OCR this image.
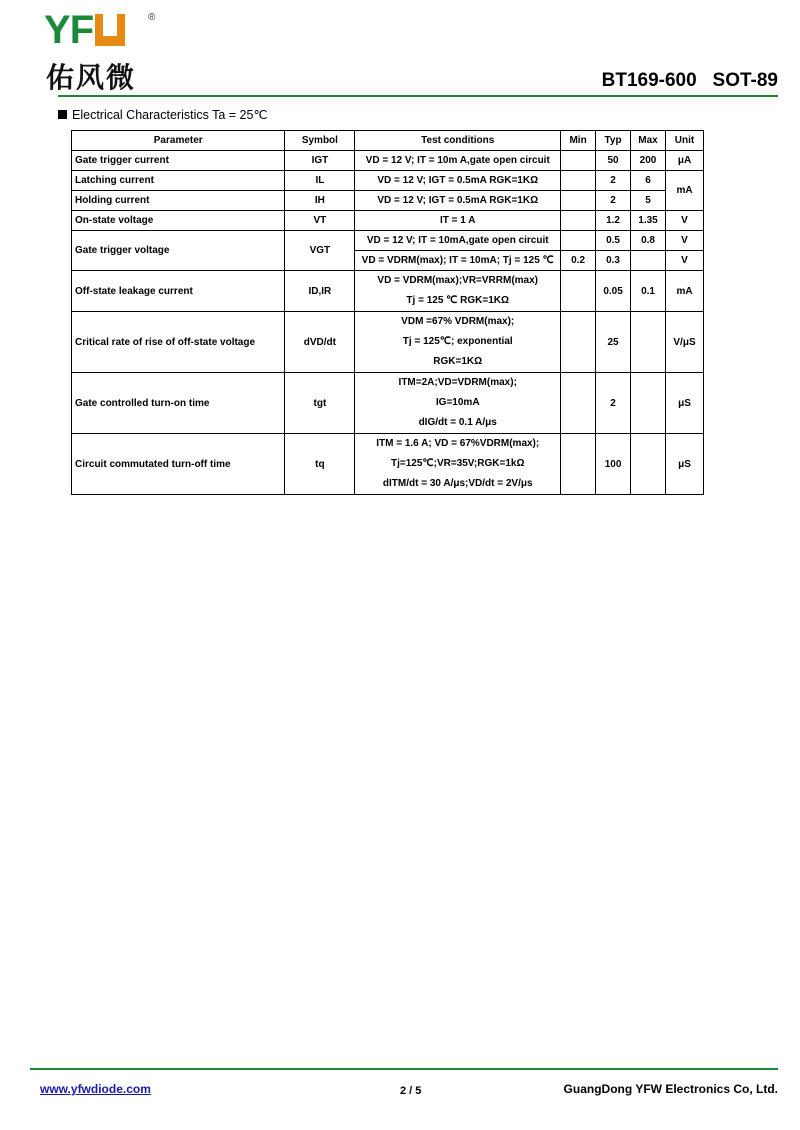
YF	®
佑风微	BT169-600   SOT-89
Electrical Characteristics Ta = 25℃
Parameter	Symbol	Test conditions	Min	Typ	Max	Unit
Gate trigger current	IGT	VD = 12 V; IT = 10m A,gate open circuit		50	200	μA
Latching current	IL	VD = 12 V; IGT = 0.5mA RGK=1KΩ		2	6	mA
Holding current	IH	VD = 12 V; IGT = 0.5mA RGK=1KΩ		2	5	
On-state voltage	VT	IT = 1 A		1.2	1.35	V
Gate trigger voltage	VGT	VD = 12 V; IT = 10mA,gate open circuit		0.5	0.8	V
		VD = VDRM(max); IT = 10mA; Tj = 125 ℃	0.2	0.3		V
Off-state leakage current	ID,IR	VD = VDRM(max);VR=VRRM(max)
Tj = 125 ℃ RGK=1KΩ		0.05	0.1	mA
Critical rate of rise of off-state voltage	dVD/dt	VDM =67% VDRM(max);
Tj = 125℃; exponential
RGK=1KΩ		25		V/μS
Gate controlled turn-on time	tgt	ITM=2A;VD=VDRM(max);
IG=10mA
dIG/dt = 0.1 A/μs		2		μS
Circuit commutated turn-off time	tq	ITM = 1.6 A; VD = 67%VDRM(max);
Tj=125℃;VR=35V;RGK=1kΩ
dITM/dt = 30 A/μs;VD/dt = 2V/μs		100		μS
www.yfwdiode.com	2 / 5	GuangDong YFW Electronics Co, Ltd.
